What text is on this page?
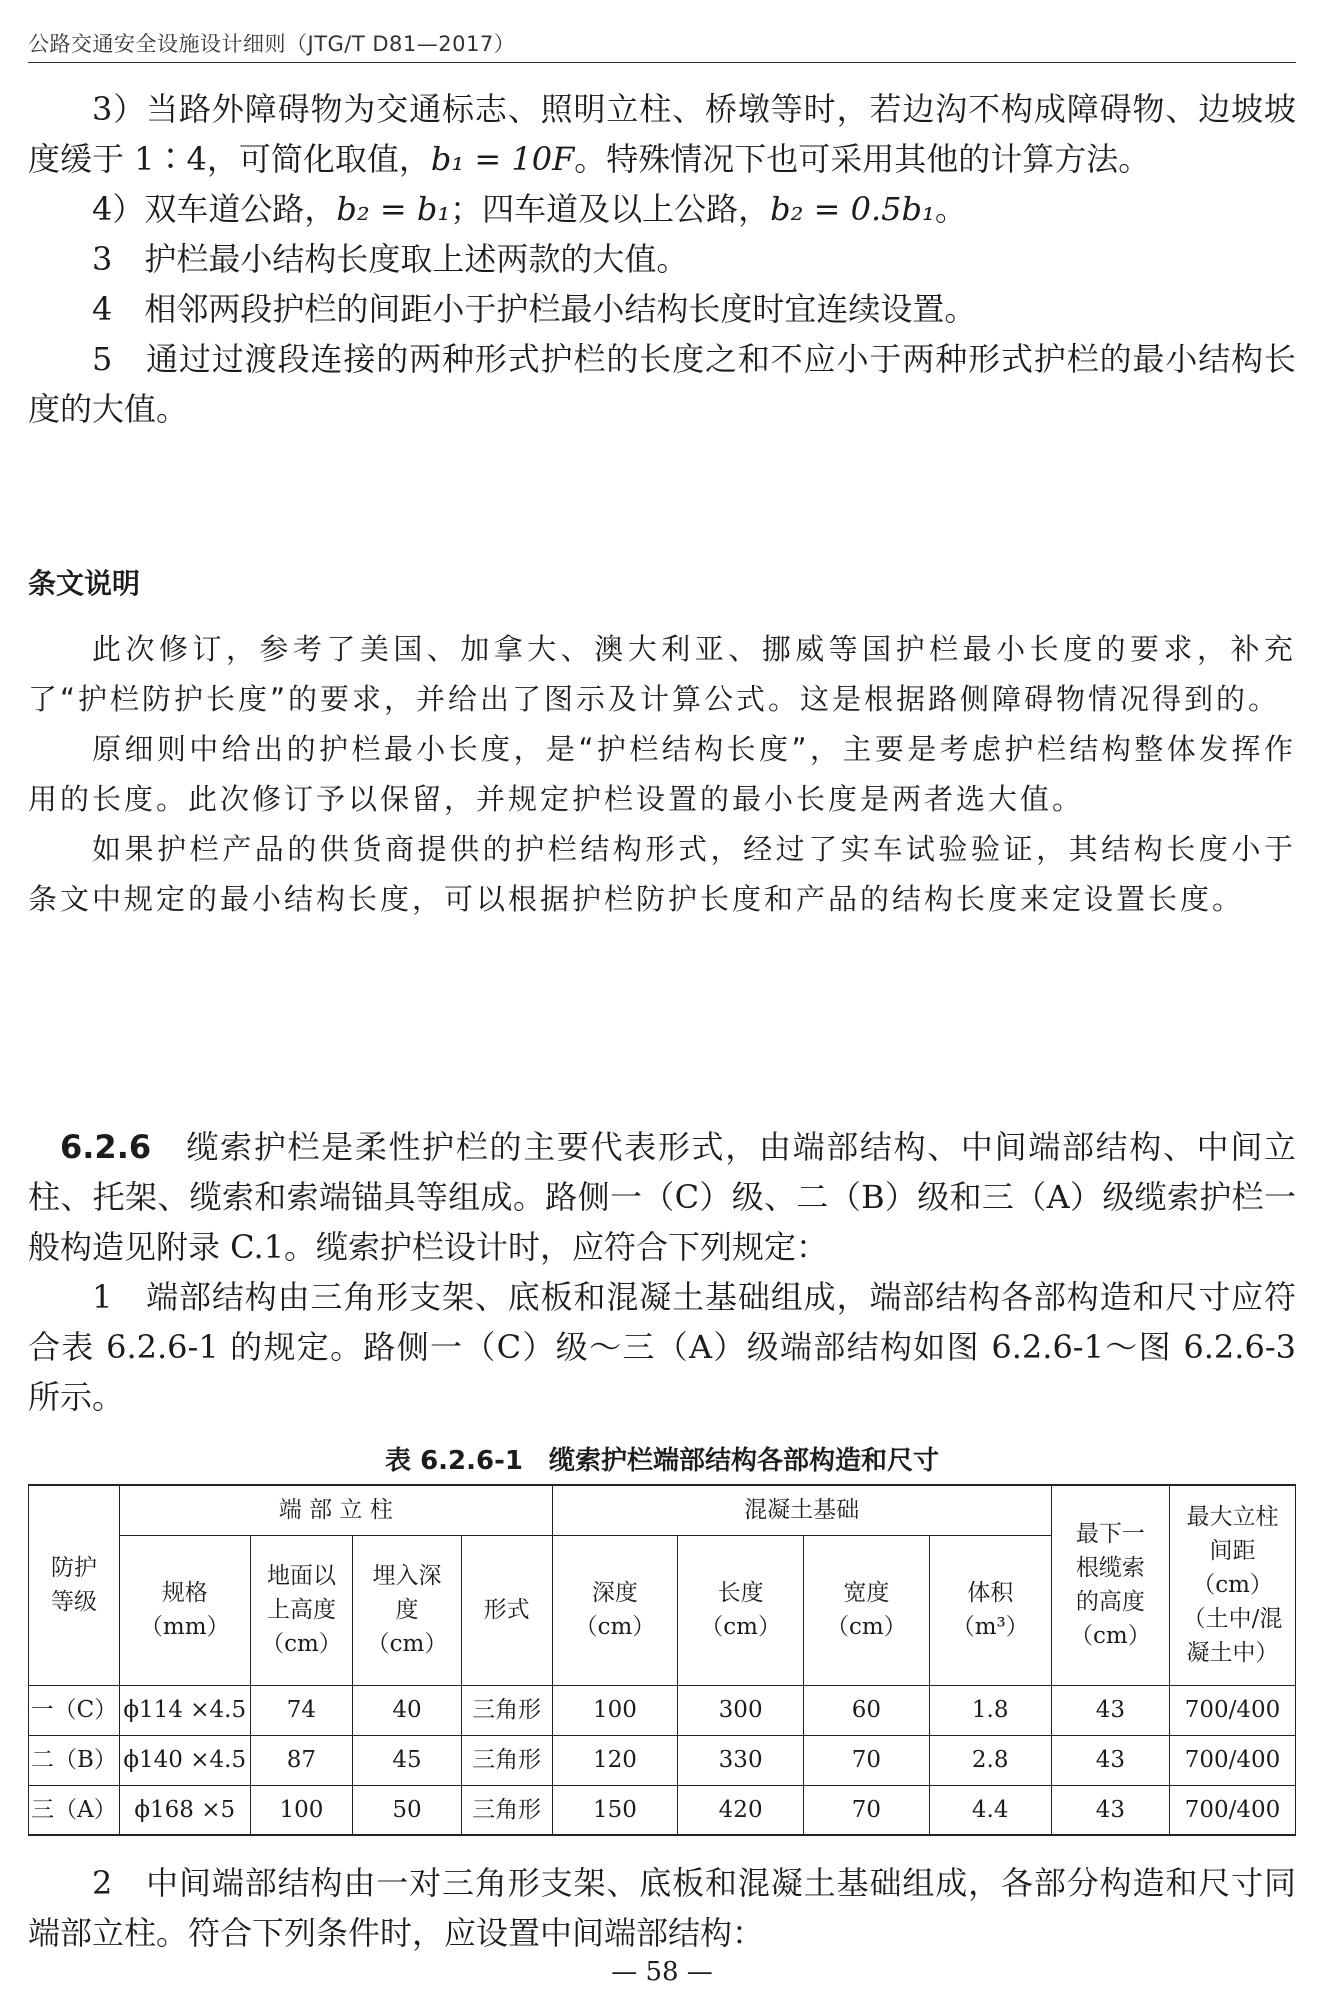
公路交通安全设施设计细则（JTG/T D81—2017）

3）当路外障碍物为交通标志、照明立柱、桥墩等时，若边沟不构成障碍物、边坡坡度缓于 1∶4，可简化取值，b₁ = 10F。特殊情况下也可采用其他的计算方法。

4）双车道公路，b₂ = b₁；四车道及以上公路，b₂ = 0.5b₁。

3　护栏最小结构长度取上述两款的大值。

4　相邻两段护栏的间距小于护栏最小结构长度时宜连续设置。

5　通过过渡段连接的两种形式护栏的长度之和不应小于两种形式护栏的最小结构长度的大值。

条文说明

此次修订，参考了美国、加拿大、澳大利亚、挪威等国护栏最小长度的要求，补充了“护栏防护长度”的要求，并给出了图示及计算公式。这是根据路侧障碍物情况得到的。

原细则中给出的护栏最小长度，是“护栏结构长度”，主要是考虑护栏结构整体发挥作用的长度。此次修订予以保留，并规定护栏设置的最小长度是两者选大值。

如果护栏产品的供货商提供的护栏结构形式，经过了实车试验验证，其结构长度小于条文中规定的最小结构长度，可以根据护栏防护长度和产品的结构长度来定设置长度。

6.2.6　 缆索护栏是柔性护栏的主要代表形式，由端部结构、中间端部结构、中间立柱、托架、缆索和索端锚具等组成。路侧一（C）级、二（B）级和三（A）级缆索护栏一般构造见附录 C.1。缆索护栏设计时，应符合下列规定：

1　端部结构由三角形支架、底板和混凝土基础组成，端部结构各部构造和尺寸应符合表 6.2.6-1 的规定。路侧一（C）级～三（A）级端部结构如图 6.2.6-1～图 6.2.6-3 所示。

表 6.2.6-1　缆索护栏端部结构各部构造和尺寸
防护等级	端 部 立 柱				混凝土基础				最下一根缆索的高度（cm）	最大立柱间距（cm）（土中/混凝土中）

	规格（mm）	地面以上高度（cm）	埋入深度（cm）	形式	深度（cm）	长度（cm）	宽度（cm）	体积（m³）		

一（C）	ϕ114 ×4.5	74	40	三角形	100	300	60	1.8	43	700/400
二（B）	ϕ140 ×4.5	87	45	三角形	120	330	70	2.8	43	700/400
三（A）	ϕ168 ×5	100	50	三角形	150	420	70	4.4	43	700/400

2　中间端部结构由一对三角形支架、底板和混凝土基础组成，各部分构造和尺寸同端部立柱。符合下列条件时，应设置中间端部结构：

— 58 —
